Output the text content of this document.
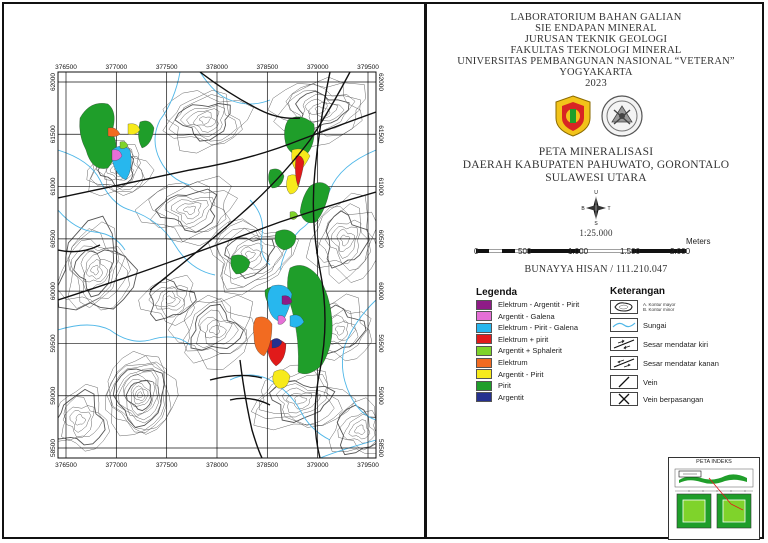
376500	377000	377500	378000	378500	379000	379500
376500	377000	377500	378000	378500	379000	379500
62000
61500
61000
60500
60000
59500
59000
58500
62000
61500
61000
60500
60000
59500
59000
58500
LABORATORIUM BAHAN GALIAN
SIE ENDAPAN MINERAL
JURUSAN TEKNIK GEOLOGI
FAKULTAS TEKNOLOGI MINERAL
UNIVERSITAS PEMBANGUNAN NASIONAL “VETERAN”
YOGYAKARTA
2023
PETA MINERALISASI
DAERAH KABUPATEN PAHUWATO, GORONTALO
SULAWESI UTARA
U
S
B	T
1:25.000
Meters
0	500	1.000	1.500	2.000
BUNAYYA HISAN / 111.210.047
Legenda
Elektrum - Argentit - Pirit
Argentit - Galena
Elektrum - Pirit - Galena
Elektrum + pirit
Argentit + Sphalerit
Elektrum
Argentit - Pirit
Pirit
Argentit
Keterangan
A. Kontur mayor
B. Kontur minor
Sungai
Sesar mendatar kiri
Sesar mendatar kanan
Vein
Vein berpasangan
PETA INDEKS
